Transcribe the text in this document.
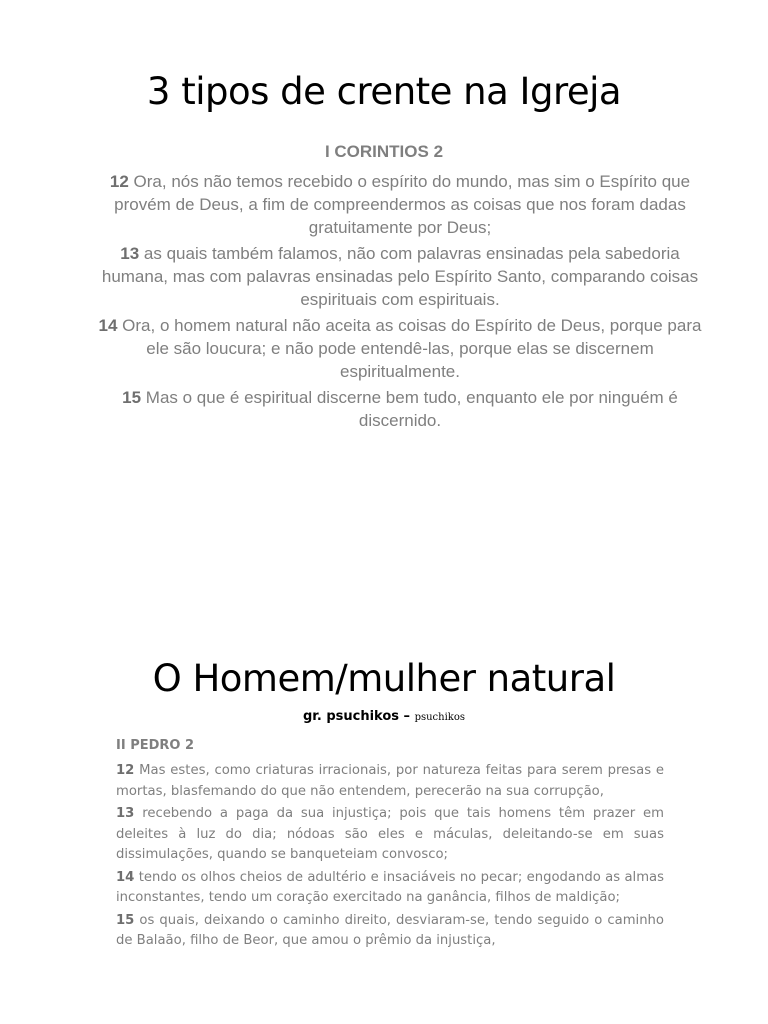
3 tipos de crente na Igreja
I CORINTIOS 2

12 Ora, nós não temos recebido o espírito do mundo, mas sim o Espírito que provém de Deus, a fim de compreendermos as coisas que nos foram dadas gratuitamente por Deus;

13 as quais também falamos, não com palavras ensinadas pela sabedoria humana, mas com palavras ensinadas pelo Espírito Santo, comparando coisas espirituais com espirituais.

14 Ora, o homem natural não aceita as coisas do Espírito de Deus, porque para ele são loucura; e não pode entendê-las, porque elas se discernem espiritualmente.

15 Mas o que é espiritual discerne bem tudo, enquanto ele por ninguém é discernido.

O Homem/mulher natural
gr. psuchikos – psuchikos
II PEDRO 2

12 Mas estes, como criaturas irracionais, por natureza feitas para serem presas e mortas, blasfemando do que não entendem, perecerão na sua corrupção,

13 recebendo a paga da sua injustiça; pois que tais homens têm prazer em deleites à luz do dia; nódoas são eles e máculas, deleitando-se em suas dissimulações, quando se banqueteiam convosco;

14 tendo os olhos cheios de adultério e insaciáveis no pecar; engodando as almas inconstantes, tendo um coração exercitado na ganância, filhos de maldição;

15 os quais, deixando o caminho direito, desviaram-se, tendo seguido o caminho de Balaão, filho de Beor, que amou o prêmio da injustiça,
